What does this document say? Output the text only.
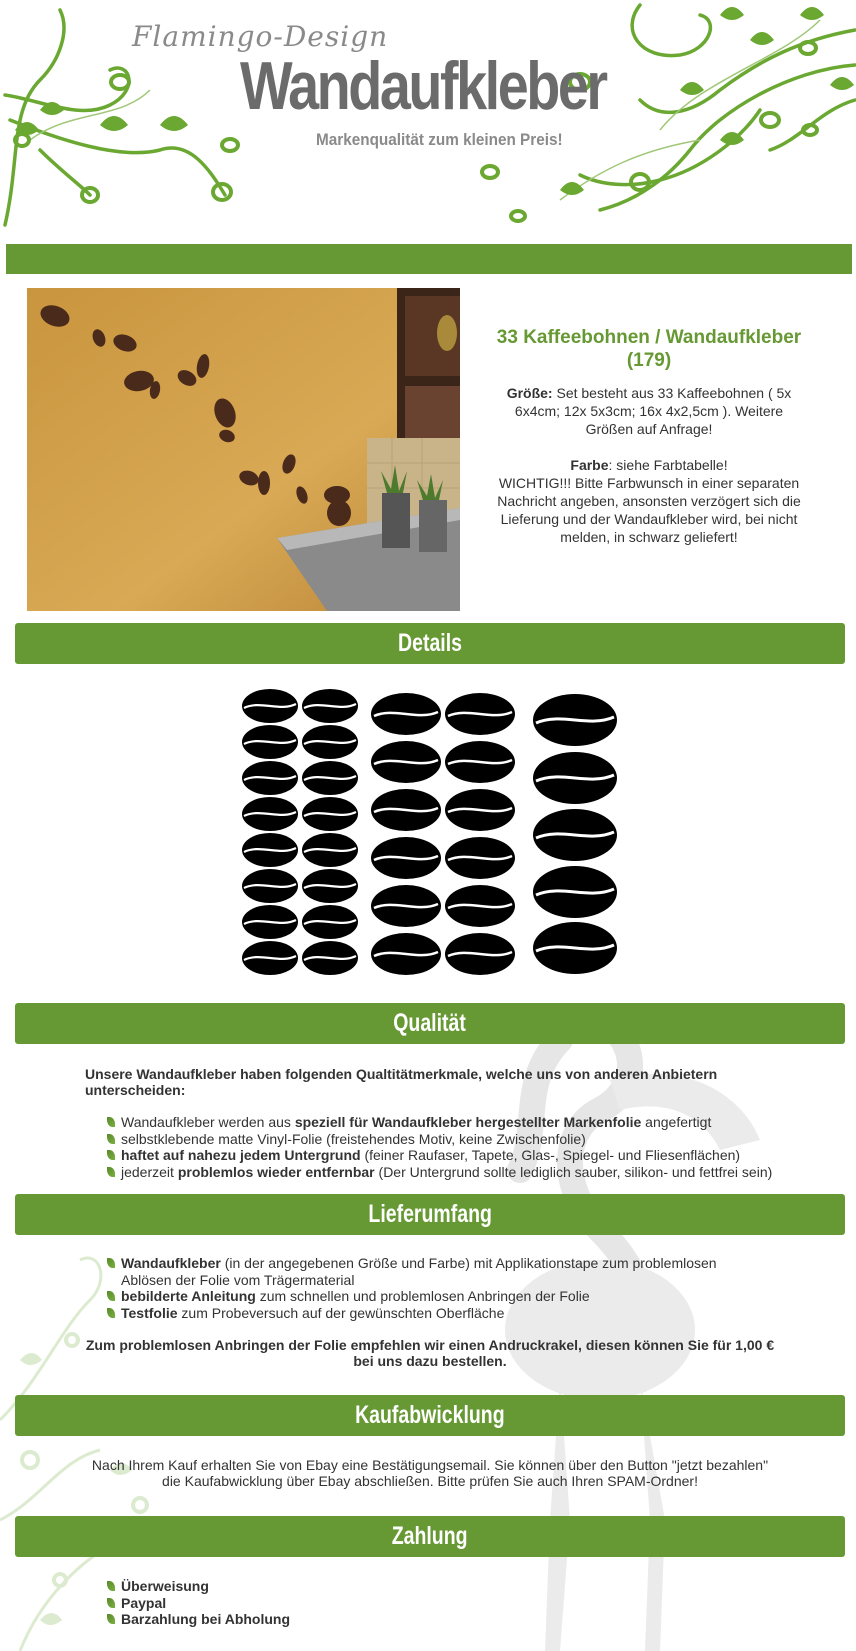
Flamingo-Design
Wandaufkleber
Markenqualität zum kleinen Preis!
33 Kaffeebohnen / Wandaufkleber (179)
Größe: Set besteht aus 33 Kaffeebohnen ( 5x 6x4cm; 12x 5x3cm; 16x 4x2,5cm ). Weitere Größen auf Anfrage!
Farbe: siehe Farbtabelle!
WICHTIG!!! Bitte Farbwunsch in einer separaten Nachricht angeben, ansonsten verzögert sich die Lieferung und der Wandaufkleber wird, bei nicht melden, in schwarz geliefert!
Details
Qualität
Unsere Wandaufkleber haben folgenden Qualtitätmerkmale, welche uns von anderen Anbietern unterscheiden:
Wandaufkleber werden aus speziell für Wandaufkleber hergestellter Markenfolie angefertigt
selbstklebende matte Vinyl-Folie (freistehendes Motiv, keine Zwischenfolie)
haftet auf nahezu jedem Untergrund (feiner Raufaser, Tapete, Glas-, Spiegel- und Fliesenflächen)
jederzeit problemlos wieder entfernbar (Der Untergrund sollte lediglich sauber, silikon- und fettfrei sein)
Lieferumfang
Wandaufkleber (in der angegebenen Größe und Farbe) mit Applikationstape zum problemlosen Ablösen der Folie vom Trägermaterial
bebilderte Anleitung zum schnellen und problemlosen Anbringen der Folie
Testfolie zum Probeversuch auf der gewünschten Oberfläche
Zum problemlosen Anbringen der Folie empfehlen wir einen Andruckrakel, diesen können Sie für 1,00 € bei uns dazu bestellen.
Kaufabwicklung
Nach Ihrem Kauf erhalten Sie von Ebay eine Bestätigungsemail. Sie können über den Button "jetzt bezahlen" die Kaufabwicklung über Ebay abschließen. Bitte prüfen Sie auch Ihren SPAM-Ordner!
Zahlung
Überweisung
Paypal
Barzahlung bei Abholung
